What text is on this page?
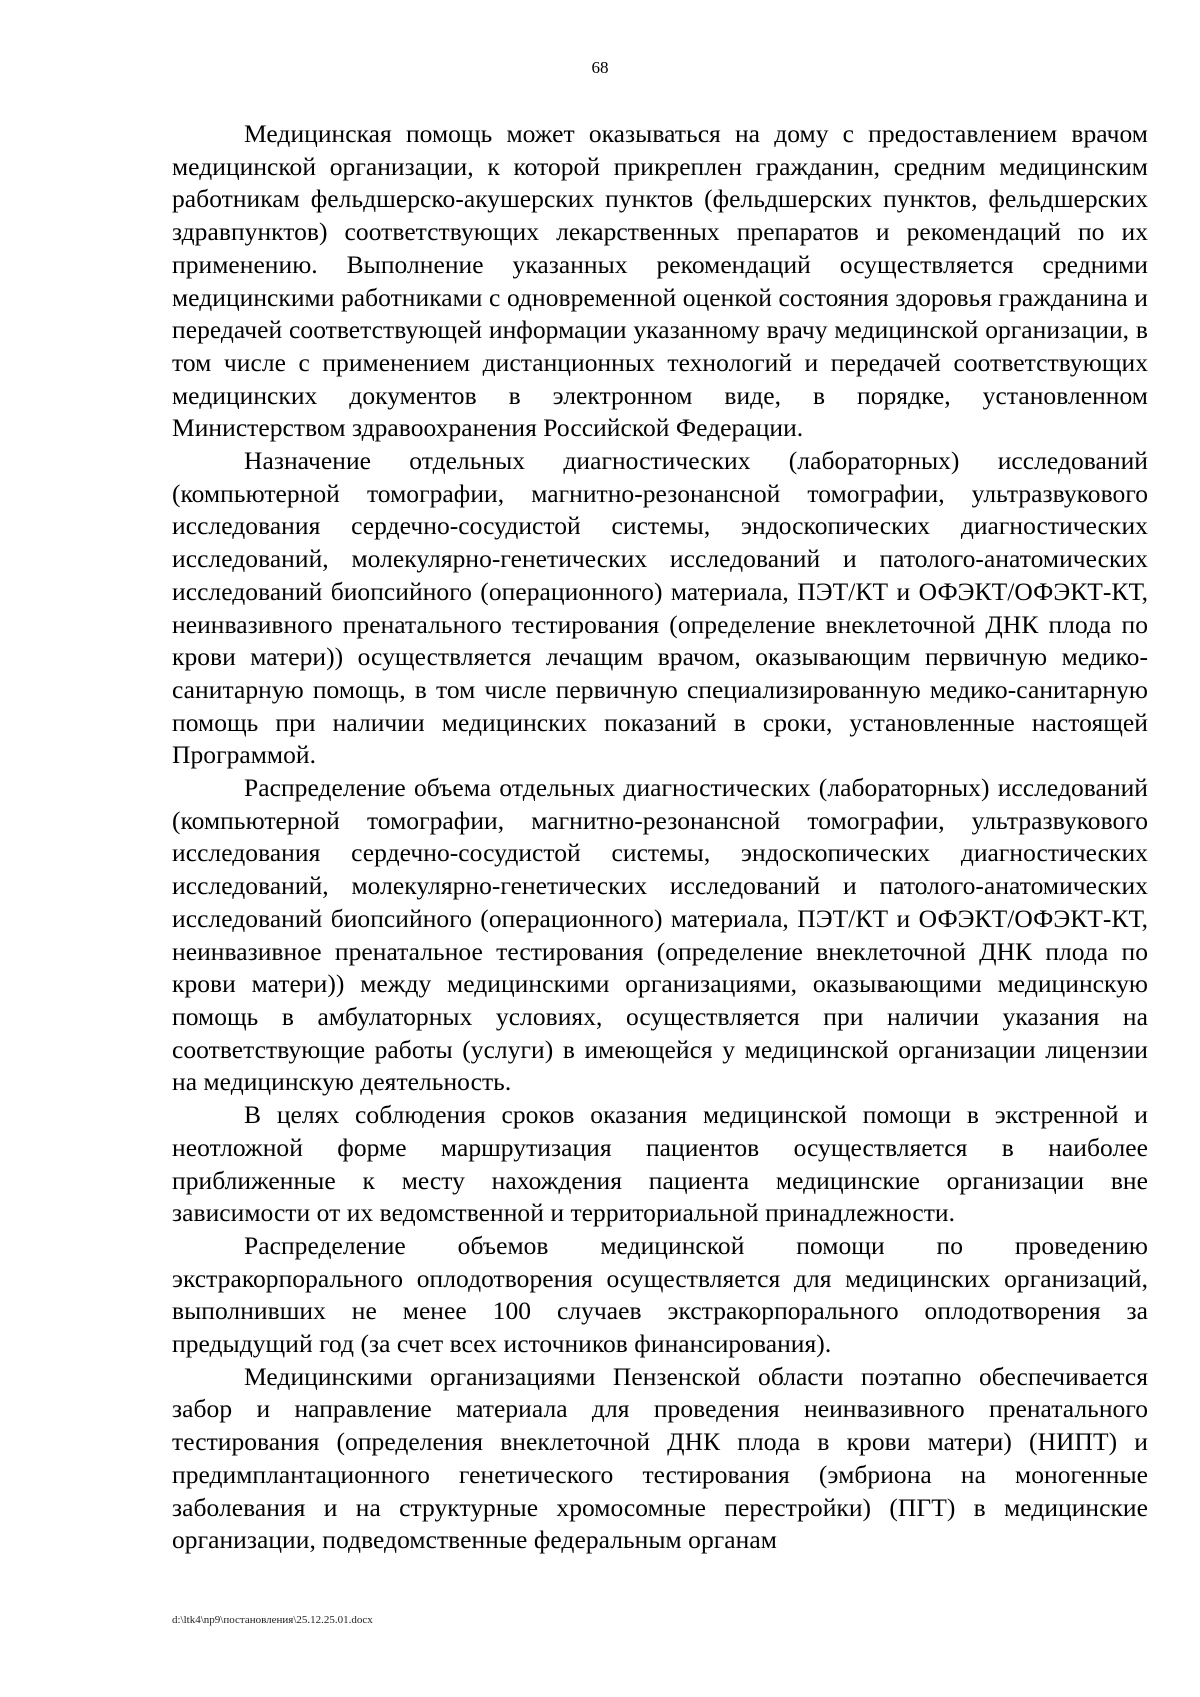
68

Медицинская помощь может оказываться на дому с предоставлением врачом медицинской организации, к которой прикреплен гражданин, средним медицинским работникам фельдшерско-акушерских пунктов (фельдшерских пунктов, фельдшерских здравпунктов) соответствующих лекарственных препаратов и рекомендаций по их применению. Выполнение указанных рекомендаций осуществляется средними медицинскими работниками с одновременной оценкой состояния здоровья гражданина и передачей соответствующей информации указанному врачу медицинской организации, в том числе с применением дистанционных технологий и передачей соответствующих медицинских документов в электронном виде, в порядке, установленном Министерством здравоохранения Российской Федерации.

Назначение отдельных диагностических (лабораторных) исследований (компьютерной томографии, магнитно-резонансной томографии, ультразвукового исследования сердечно-сосудистой системы, эндоскопических диагностических исследований, молекулярно-генетических исследований и патолого-анатомических исследований биопсийного (операционного) материала, ПЭТ/КТ и ОФЭКТ/ОФЭКТ-КТ, неинвазивного пренатального тестирования (определение внеклеточной ДНК плода по крови матери)) осуществляется лечащим врачом, оказывающим первичную медико-санитарную помощь, в том числе первичную специализированную медико-санитарную помощь при наличии медицинских показаний в сроки, установленные настоящей Программой.

Распределение объема отдельных диагностических (лабораторных) исследований (компьютерной томографии, магнитно-резонансной томографии, ультразвукового исследования сердечно-сосудистой системы, эндоскопических диагностических исследований, молекулярно-генетических исследований и патолого-анатомических исследований биопсийного (операционного) материала, ПЭТ/КТ и ОФЭКТ/ОФЭКТ-КТ, неинвазивное пренатальное тестирования (определение внеклеточной ДНК плода по крови матери)) между медицинскими организациями, оказывающими медицинскую помощь в амбулаторных условиях, осуществляется при наличии указания на соответствующие работы (услуги) в имеющейся у медицинской организации лицензии на медицинскую деятельность.

В целях соблюдения сроков оказания медицинской помощи в экстренной и неотложной форме маршрутизация пациентов осуществляется в наиболее приближенные к месту нахождения пациента медицинские организации вне зависимости от их ведомственной и территориальной принадлежности.

Распределение объемов медицинской помощи по проведению экстракорпорального оплодотворения осуществляется для медицинских организаций, выполнивших не менее 100 случаев экстракорпорального оплодотворения за предыдущий год (за счет всех источников финансирования).

Медицинскими организациями Пензенской области поэтапно обеспечивается забор и направление материала для проведения неинвазивного пренатального тестирования (определения внеклеточной ДНК плода в крови матери) (НИПТ) и предимплантационного генетического тестирования (эмбриона на моногенные заболевания и на структурные хромосомные перестройки) (ПГТ) в медицинские организации, подведомственные федеральным органам

d:\ltk4\np9\постановления\25.12.25.01.docx
